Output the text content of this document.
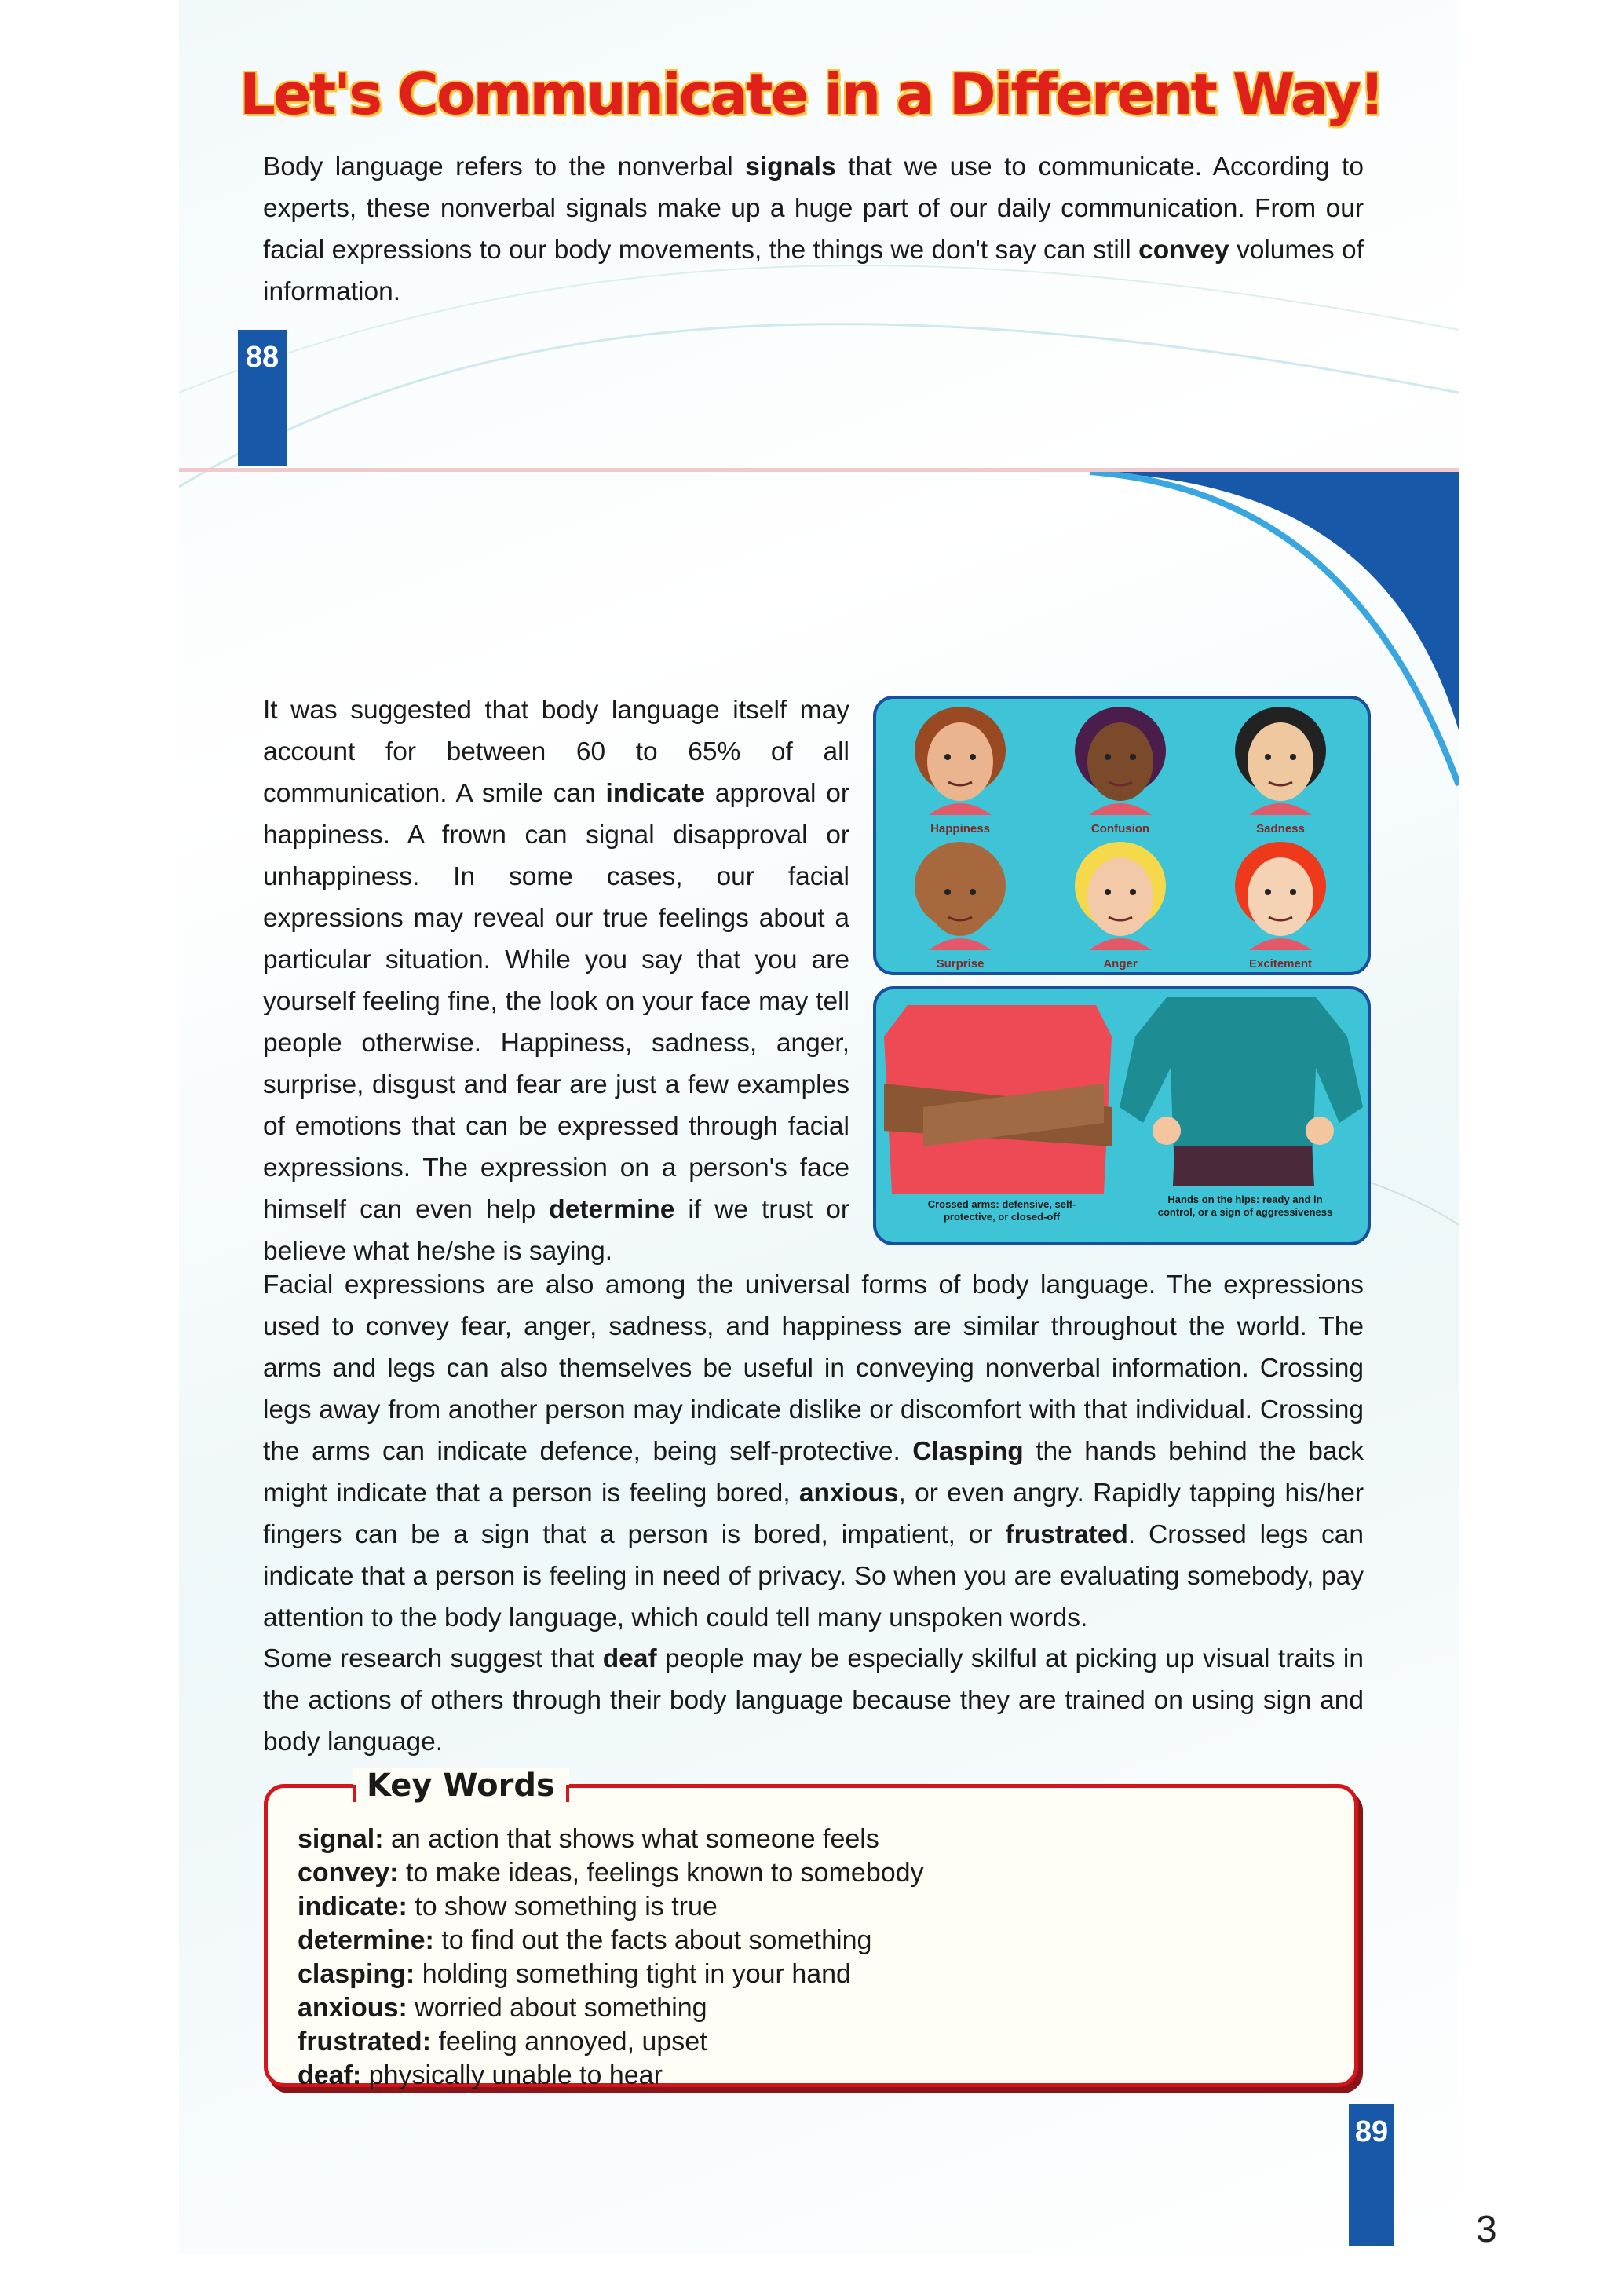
Let's Communicate in a Different Way!

Body language refers to the nonverbal signals that we use to communicate. According to experts, these nonverbal signals make up a huge part of our daily communication. From our facial expressions to our body movements, the things we don't say can still convey volumes of information.

88

It was suggested that body language itself may account for between 60 to 65% of all communication. A smile can indicate approval or happiness. A frown can signal disapproval or unhappiness. In some cases, our facial expressions may reveal our true feelings about a particular situation. While you say that you are yourself feeling fine, the look on your face may tell people otherwise. Happiness, sadness, anger, surprise, disgust and fear are just a few examples of emotions that can be expressed through facial expressions. The expression on a person's face himself can even help determine if we trust or believe what he/she is saying.

Happiness	Confusion	Sadness
Surprise	Anger	Excitement
Crossed arms: defensive, self-protective, or closed-off
Hands on the hips: ready and in control, or a sign of aggressiveness

Facial expressions are also among the universal forms of body language. The expressions used to convey fear, anger, sadness, and happiness are similar throughout the world. The arms and legs can also themselves be useful in conveying nonverbal information. Crossing legs away from another person may indicate dislike or discomfort with that individual. Crossing the arms can indicate defence, being self-protective. Clasping the hands behind the back might indicate that a person is feeling bored, anxious, or even angry. Rapidly tapping his/her fingers can be a sign that a person is bored, impatient, or frustrated. Crossed legs can indicate that a person is feeling in need of privacy. So when you are evaluating somebody, pay attention to the body language, which could tell many unspoken words.

Some research suggest that deaf people may be especially skilful at picking up visual traits in the actions of others through their body language because they are trained on using sign and body language.

Key Words
signal: an action that shows what someone feels
convey: to make ideas, feelings known to somebody
indicate: to show something is true
determine: to find out the facts about something
clasping: holding something tight in your hand
anxious: worried about something
frustrated: feeling annoyed, upset
deaf: physically unable to hear
89
3
